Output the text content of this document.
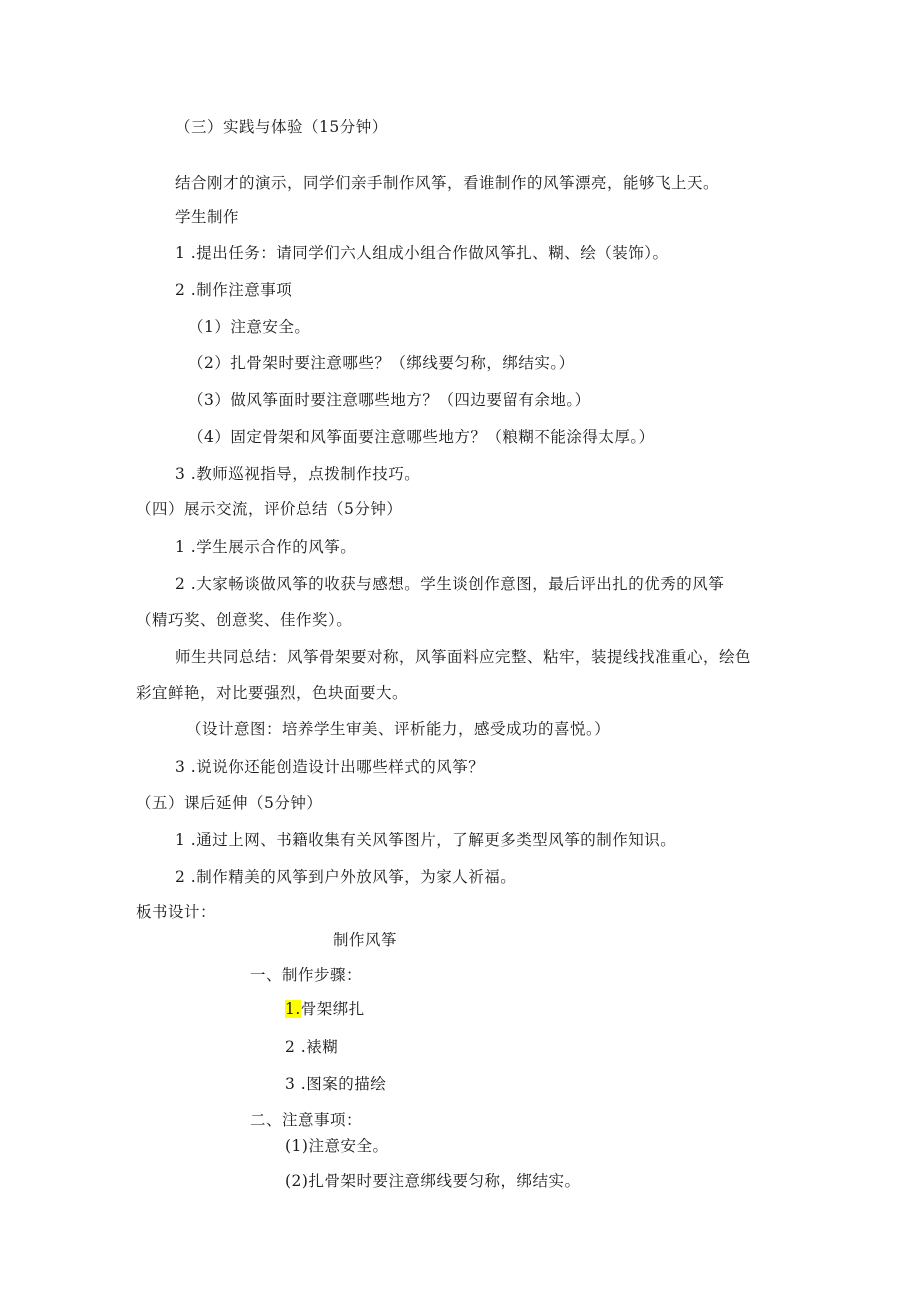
（三）实践与体验（15分钟）
结合刚才的演示，同学们亲手制作风筝，看谁制作的风筝漂亮，能够飞上天。
学生制作
1 .提出任务：请同学们六人组成小组合作做风筝扎、糊、绘（装饰）。
2 .制作注意事项
（1）注意安全。
（2）扎骨架时要注意哪些？（绑线要匀称，绑结实。）
（3）做风筝面时要注意哪些地方？（四边要留有余地。）
（4）固定骨架和风筝面要注意哪些地方？（粮糊不能涂得太厚。）
3 .教师巡视指导，点拨制作技巧。
（四）展示交流，评价总结（5分钟）
1 .学生展示合作的风筝。
2 .大家畅谈做风筝的收获与感想。学生谈创作意图，最后评出扎的优秀的风筝
（精巧奖、创意奖、佳作奖）。
师生共同总结：风筝骨架要对称，风筝面料应完整、粘牢，装提线找准重心，绘色
彩宜鲜艳，对比要强烈，色块面要大。
（设计意图：培养学生审美、评析能力，感受成功的喜悦。）
3 .说说你还能创造设计出哪些样式的风筝？
（五）课后延伸（5分钟）
1 .通过上网、书籍收集有关风筝图片，了解更多类型风筝的制作知识。
2 .制作精美的风筝到户外放风筝，为家人祈福。
板书设计：
制作风筝
一、制作步骤：
1.骨架绑扎
2 .裱糊
3 .图案的描绘
二、注意事项：
(1)注意安全。
(2)扎骨架时要注意绑线要匀称，绑结实。
